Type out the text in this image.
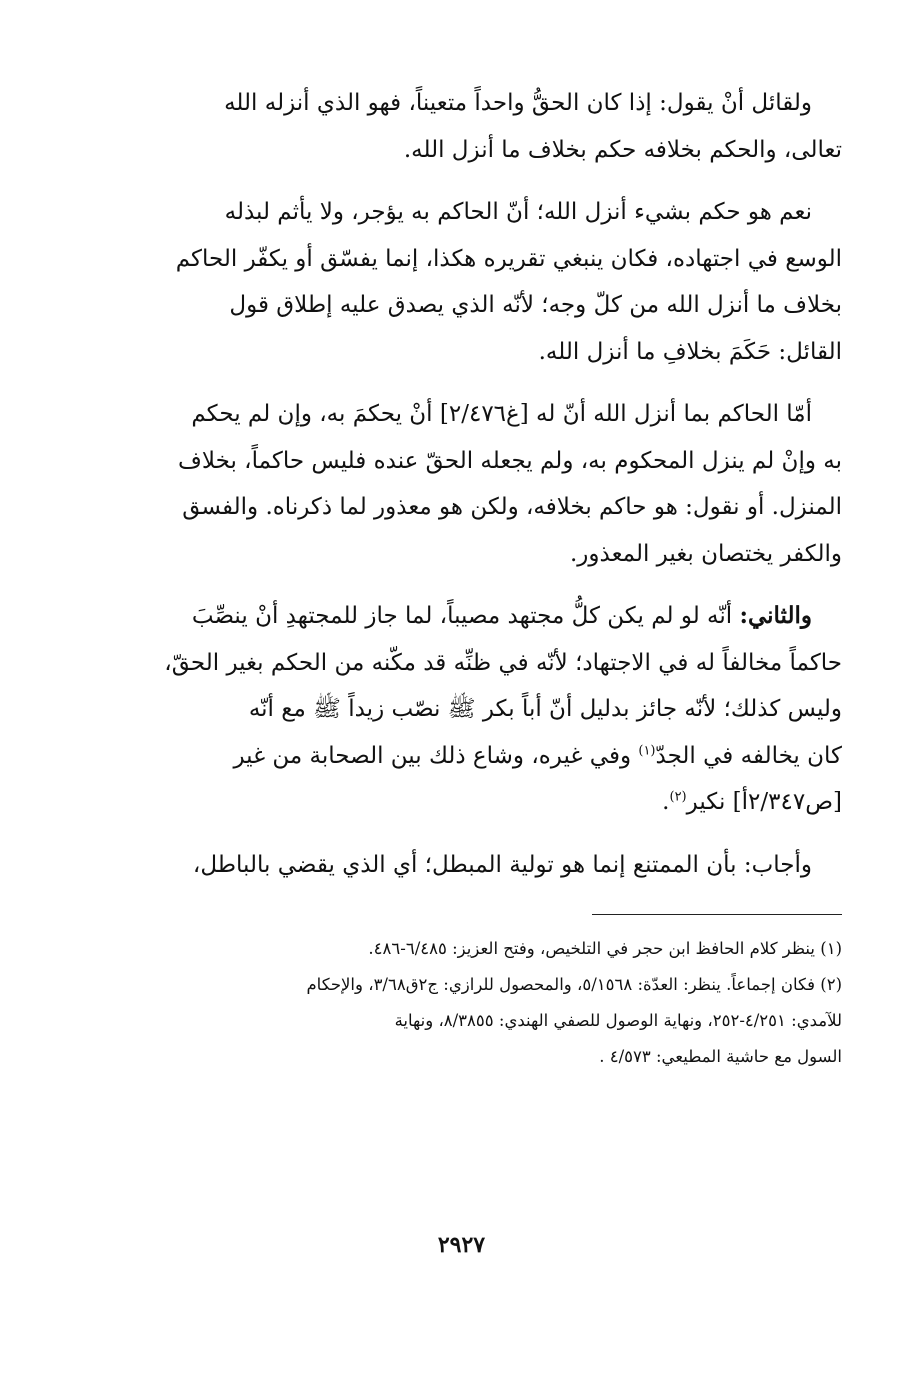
ولقائل أنْ يقول: إذا كان الحقُّ واحداً متعيناً، فهو الذي أنزله الله
تعالى، والحكم بخلافه حكم بخلاف ما أنزل الله.

نعم هو حكم بشيء أنزل الله؛ أنّ الحاكم به يؤجر، ولا يأثم لبذله
الوسع في اجتهاده، فكان ينبغي تقريره هكذا، إنما يفسّق أو يكفّر الحاكم
بخلاف ما أنزل الله من كلّ وجه؛ لأنّه الذي يصدق عليه إطلاق قول
القائل: حَكَمَ بخلافِ ما أنزل الله.

أمّا الحاكم بما أنزل الله أنّ له [غ٢/٤٧٦] أنْ يحكمَ به، وإن لم يحكم
به وإنْ لم ينزل المحكوم به، ولم يجعله الحقّ عنده فليس حاكماً، بخلاف
المنزل. أو نقول: هو حاكم بخلافه، ولكن هو معذور لما ذكرناه. والفسق
والكفر يختصان بغير المعذور.

والثاني: أنّه لو لم يكن كلُّ مجتهد مصيباً، لما جاز للمجتهدِ أنْ ينصِّبَ
حاكماً مخالفاً له في الاجتهاد؛ لأنّه في ظنِّه قد مكّنه من الحكم بغير الحقّ،
وليس كذلك؛ لأنّه جائز بدليل أنّ أباً بكر ﷺ نصّب زيداً ﷺ مع أنّه
كان يخالفه في الجدّ$^{(١)}$ وفي غيره، وشاع ذلك بين الصحابة من غير
[ص٢/٣٤٧أ] نكير$^{(٢)}$.

وأجاب: بأن الممتنع إنما هو تولية المبطل؛ أي الذي يقضي بالباطل،

(١) ينظر كلام الحافظ ابن حجر في التلخيص، وفتح العزيز: ٦/٤٨٥-٤٨٦.

(٢) فكان إجماعاً. ينظر: العدّة: ٥/١٥٦٨، والمحصول للرازي: ج٢ق٣/٦٨، والإحكام
للآمدي: ٤/٢٥١-٢٥٢، ونهاية الوصول للصفي الهندي: ٨/٣٨٥٥، ونهاية
السول مع حاشية المطيعي: ٤/٥٧٣ .

٢٩٢٧
